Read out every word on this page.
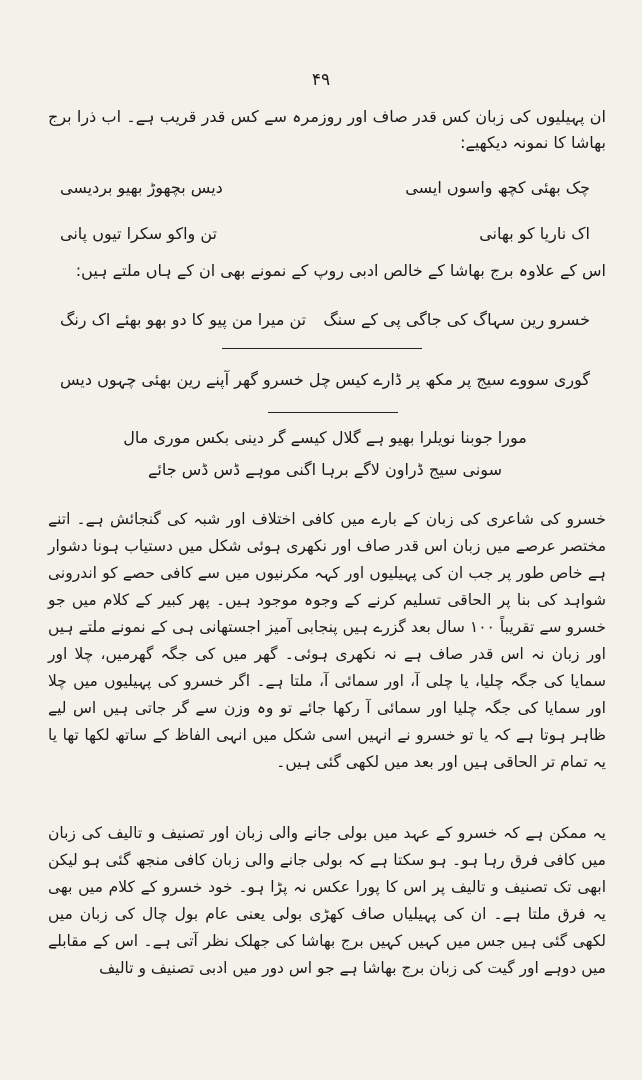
۴۹

ان پہیلیوں کی زبان کس قدر صاف اور روزمرہ سے کس قدر قریب ہے۔ اب ذرا برج بھاشا کا نمونہ دیکھیے:

چک بھئی کچھ واسوں ایسی
دیس بچھوڑ بھیو بردیسی
اک ناریا کو بھانی
تن واکو سکرا تیوں پانی

اس کے علاوہ برج بھاشا کے خالص ادبی روپ کے نمونے بھی ان کے ہاں ملتے ہیں:

خسرو رین سہاگ کی جاگی پی کے سنگ
تن میرا من پیو کا دو بھو بھئے اک رنگ
گوری سووے سیج پر مکھ پر ڈارے کیس
چل خسرو گھر آپنے رین بھئی چہوں دیس
مورا جوبنا نویلرا بھیو ہے گلال کیسے گر دینی بکس موری مال
سونی سیج ڈراون لاگے برہا اگنی موہے ڈس ڈس جائے

خسرو کی شاعری کی زبان کے بارے میں کافی اختلاف اور شبہ کی گنجائش ہے۔ اتنے مختصر عرصے میں زبان اس قدر صاف اور نکھری ہوئی شکل میں دستیاب ہونا دشوار ہے خاص طور پر جب ان کی پہیلیوں اور کہہ مکرنیوں میں سے کافی حصے کو اندرونی شواہد کی بنا پر الحاقی تسلیم کرنے کے وجوہ موجود ہیں۔ پھر کبیر کے کلام میں جو خسرو سے تقریباً ۱۰۰ سال بعد گزرے ہیں پنجابی آمیز اجستھانی ہی کے نمونے ملتے ہیں اور زبان نہ اس قدر صاف ہے نہ نکھری ہوئی۔ گھر میں کی جگہ گھرمیں، چلا اور سمایا کی جگہ چلیا، یا چلی آ، اور سمائی آ، ملتا ہے۔ اگر خسرو کی پہیلیوں میں چلا اور سمایا کی جگہ چلیا اور سمائی آ رکھا جائے تو وہ وزن سے گر جاتی ہیں اس لیے ظاہر ہوتا ہے کہ یا تو خسرو نے انہیں اسی شکل میں انہی الفاظ کے ساتھ لکھا تھا یا یہ تمام تر الحاقی ہیں اور بعد میں لکھی گئی ہیں۔

یہ ممکن ہے کہ خسرو کے عہد میں بولی جانے والی زبان اور تصنیف و تالیف کی زبان میں کافی فرق رہا ہو۔ ہو سکتا ہے کہ بولی جانے والی زبان کافی منجھ گئی ہو لیکن ابھی تک تصنیف و تالیف پر اس کا پورا عکس نہ پڑا ہو۔ خود خسرو کے کلام میں بھی یہ فرق ملتا ہے۔ ان کی پہیلیاں صاف کھڑی بولی یعنی عام بول چال کی زبان میں لکھی گئی ہیں جس میں کہیں کہیں برج بھاشا کی جھلک نظر آتی ہے۔ اس کے مقابلے میں دوہے اور گیت کی زبان برج بھاشا ہے جو اس دور میں ادبی تصنیف و تالیف
